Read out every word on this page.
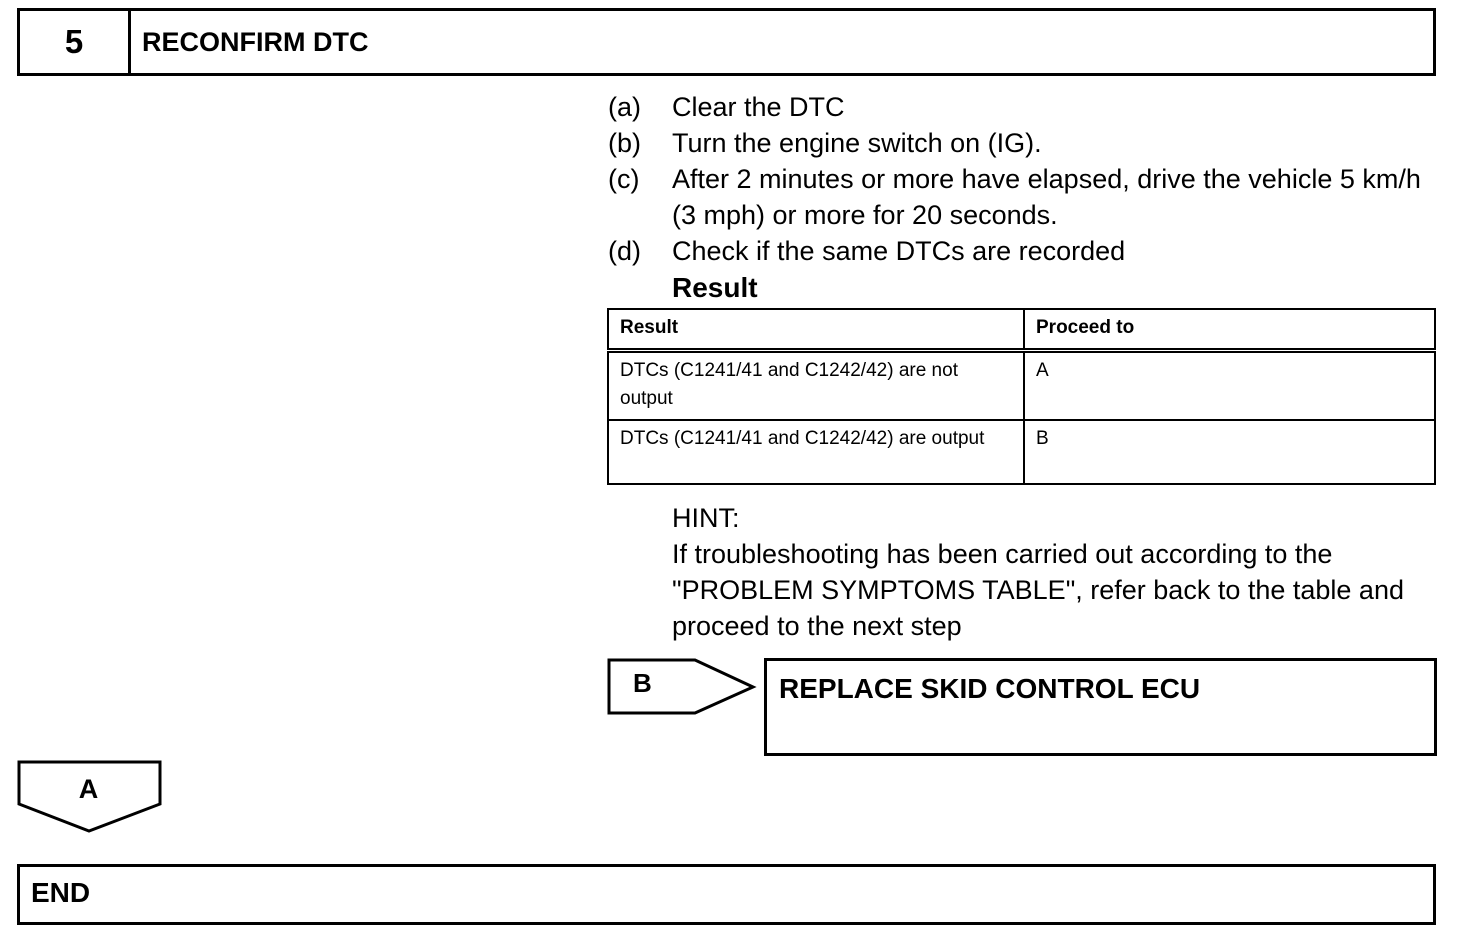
5	RECONFIRM DTC
(a)	Clear the DTC
(b)	Turn the engine switch on (IG).
(c)	After 2 minutes or more have elapsed, drive the vehicle 5 km/h (3 mph) or more for 20 seconds.
(d)	Check if the same DTCs are recorded
Result
Result	Proceed to
DTCs (C1241/41 and C1242/42) are not output	A
DTCs (C1241/41 and C1242/42) are output	B
HINT:
If troubleshooting has been carried out according to the "PROBLEM SYMPTOMS TABLE", refer back to the table and proceed to the next step
B	REPLACE SKID CONTROL ECU
A
END
